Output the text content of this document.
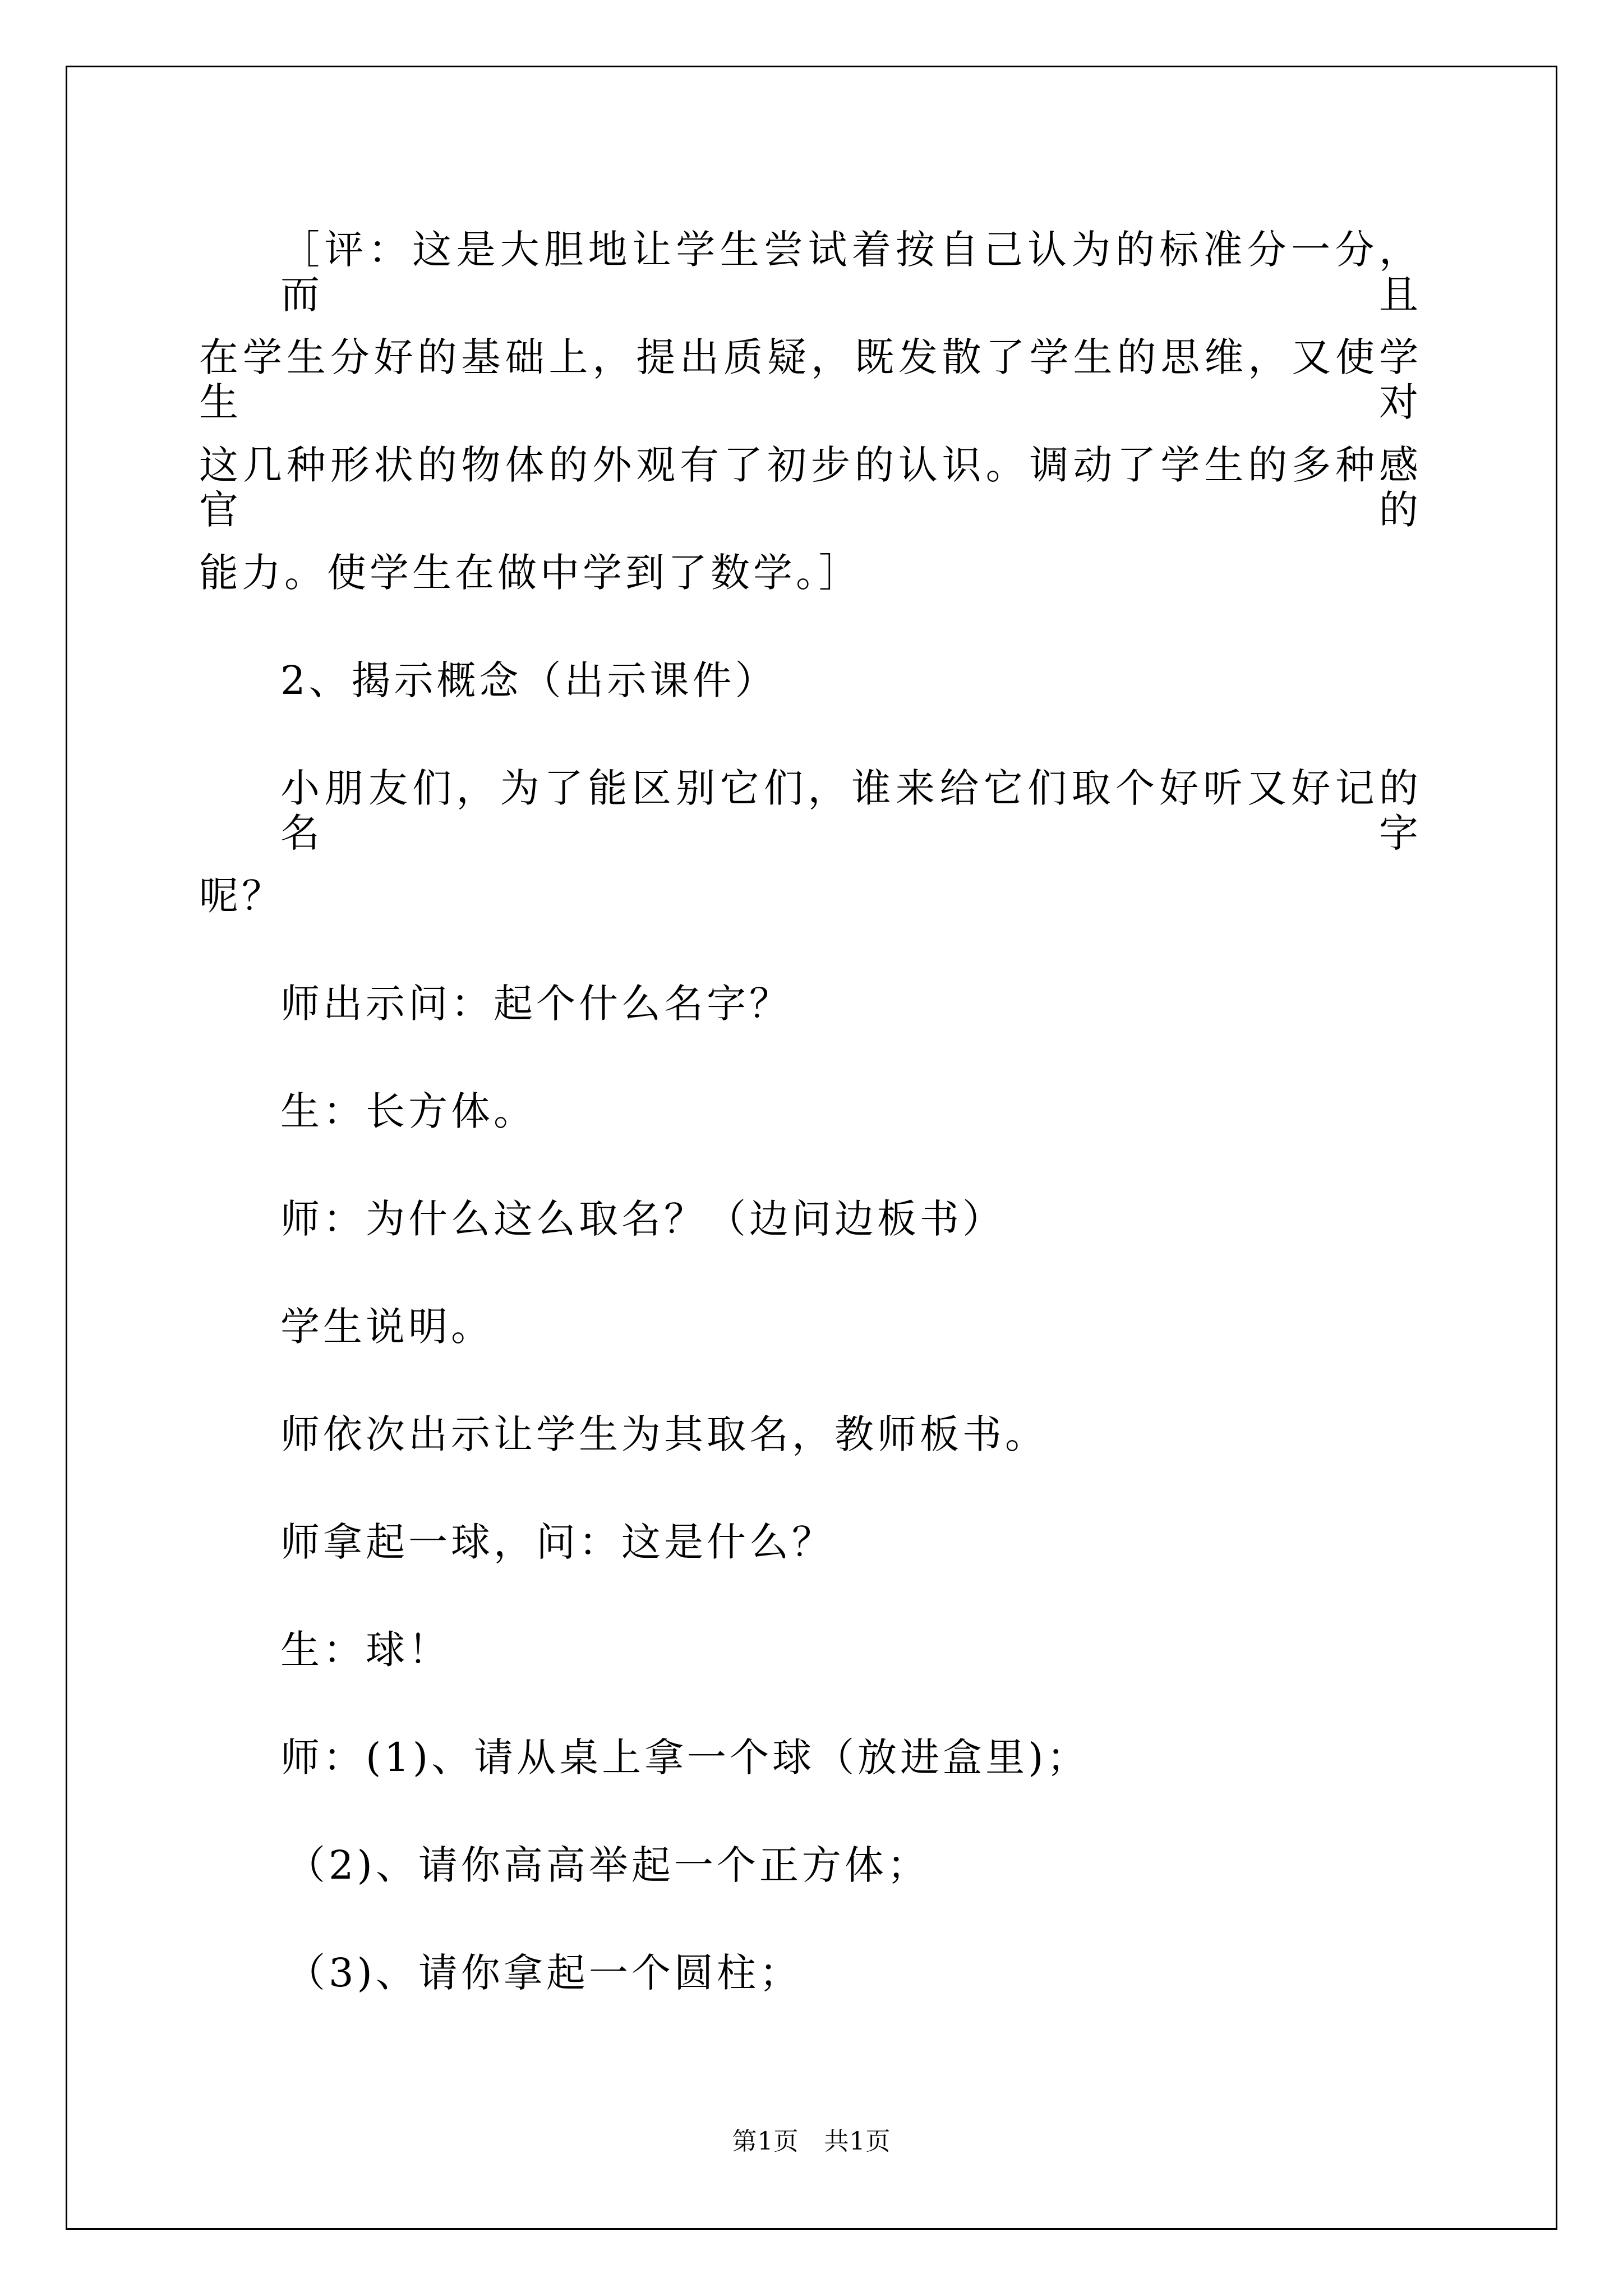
［评：这是大胆地让学生尝试着按自己认为的标准分一分，而且
在学生分好的基础上，提出质疑，既发散了学生的思维，又使学生对
这几种形状的物体的外观有了初步的认识。调动了学生的多种感官的
能力。使学生在做中学到了数学。］
2、揭示概念（出示课件）
小朋友们，为了能区别它们，谁来给它们取个好听又好记的名字
呢？
师出示问：起个什么名字？
生：长方体。
师：为什么这么取名？（边问边板书）
学生说明。
师依次出示让学生为其取名，教师板书。
师拿起一球，问：这是什么？
生：球！
师：(1)、请从桌上拿一个球（放进盒里)；
（2)、请你高高举起一个正方体；
（3)、请你拿起一个圆柱；
第1页　共1页
